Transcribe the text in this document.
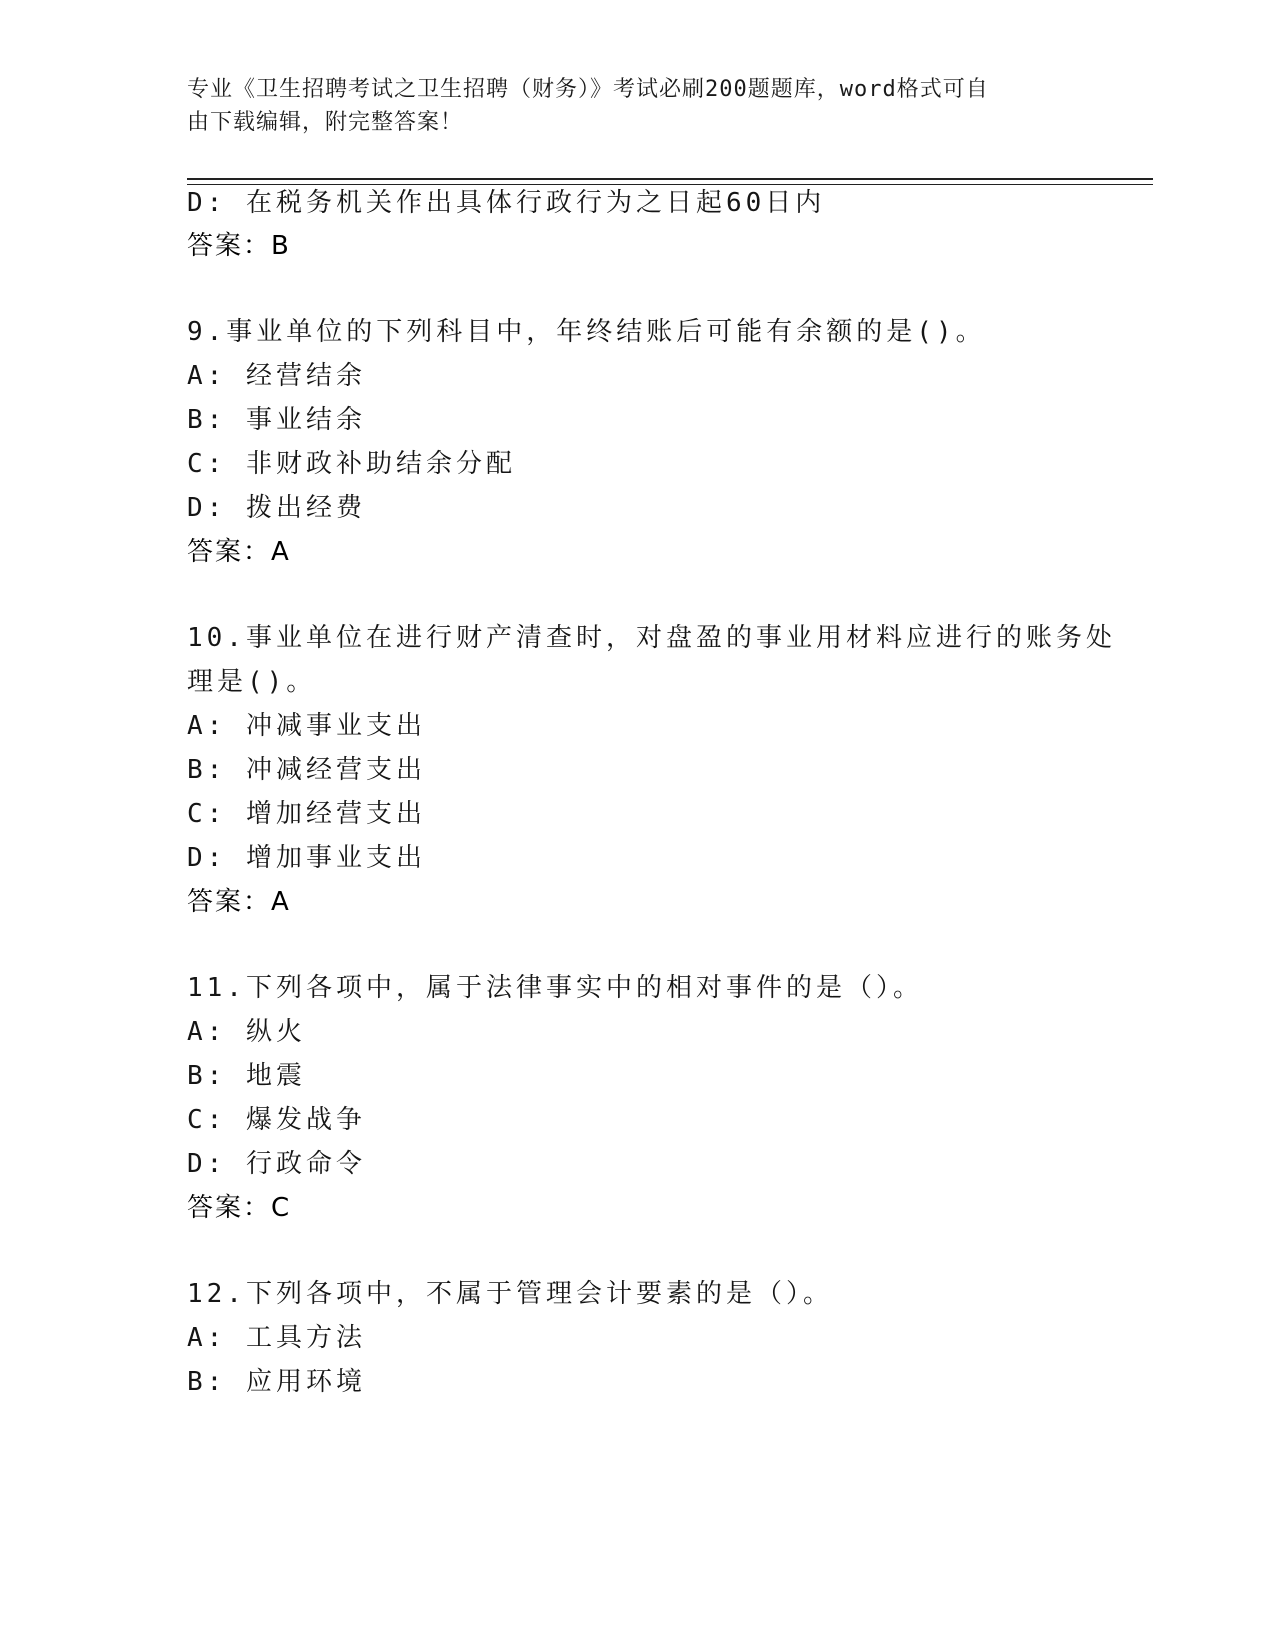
专业《卫生招聘考试之卫生招聘（财务）》考试必刷200题题库，word格式可自
由下载编辑，附完整答案！
D: 在税务机关作出具体行政行为之日起60日内
答案：B
9.事业单位的下列科目中，年终结账后可能有余额的是()。
A: 经营结余
B: 事业结余
C: 非财政补助结余分配
D: 拨出经费
答案：A
10.事业单位在进行财产清查时，对盘盈的事业用材料应进行的账务处
理是()。
A: 冲减事业支出
B: 冲减经营支出
C: 增加经营支出
D: 增加事业支出
答案：A
11.下列各项中，属于法律事实中的相对事件的是（）。
A: 纵火
B: 地震
C: 爆发战争
D: 行政命令
答案：C
12.下列各项中，不属于管理会计要素的是（）。
A: 工具方法
B: 应用环境
